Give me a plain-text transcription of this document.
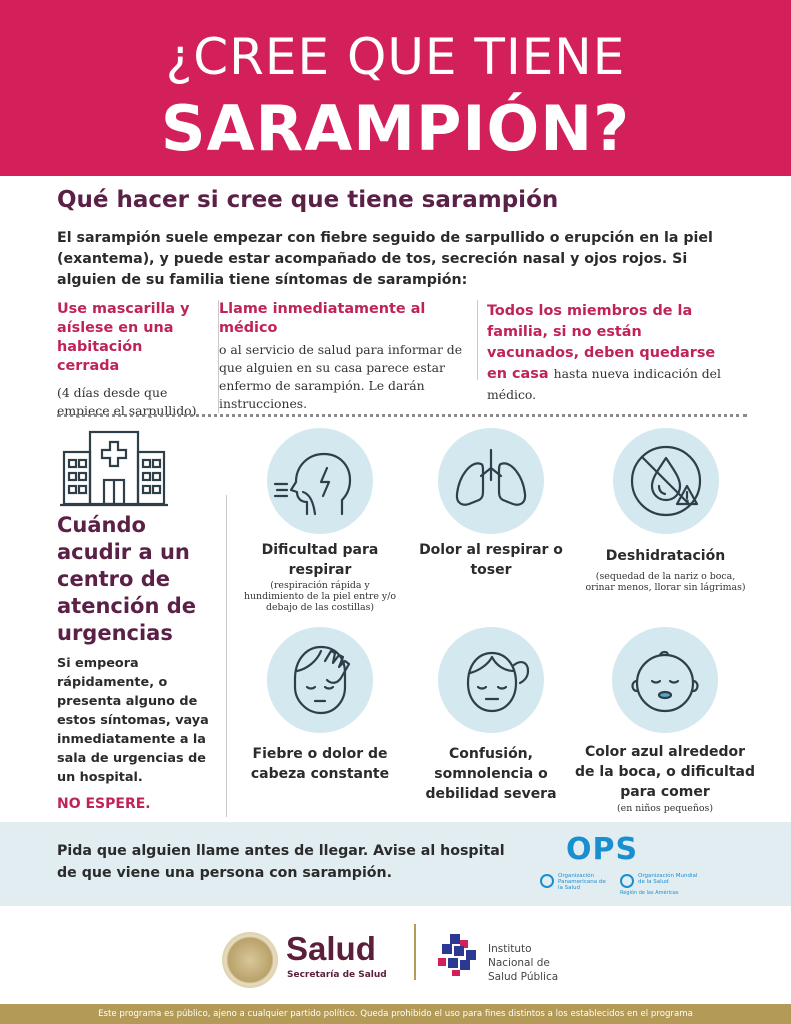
¿CREE QUE TIENE
SARAMPIÓN?
Qué hacer si cree que tiene sarampión
El sarampión suele empezar con fiebre seguido de sarpullido o erupción en la piel (exantema), y puede estar acompañado de tos, secreción nasal y ojos rojos. Si alguien de su familia tiene síntomas de sarampión:
Use mascarilla y aíslese en una habitación cerrada
(4 días desde que empiece el sarpullido)
Llame inmediatamente al médico
o al servicio de salud para informar de que alguien en su casa parece estar enfermo de sarampión. Le darán instrucciones.
Todos los miembros de la familia, si no están vacunados, deben quedarse en casa hasta nueva indicación del médico.
Cuándo acudir a un centro de atención de urgencias
Si empeora rápidamente, o presenta alguno de estos síntomas, vaya inmediatamente a la sala de urgencias de un hospital.
NO ESPERE.
Dificultad para respirar
(respiración rápida y hundimiento de la piel entre y/o debajo de las costillas)
Dolor al respirar o toser
Deshidratación
(sequedad de la nariz o boca, orinar menos, llorar sin lágrimas)
Fiebre o dolor de cabeza constante
Confusión, somnolencia o debilidad severa
Color azul alrededor de la boca, o dificultad para comer
(en niños pequeños)
Pida que alguien llame antes de llegar. Avise al hospital de que viene una persona con sarampión.
OPS
Organización Panamericana de la Salud
Organización Mundial de la Salud
Región de las Américas
Salud
Secretaría de Salud
Instituto Nacional de Salud Pública
Este programa es público, ajeno a cualquier partido político. Queda prohibido el uso para fines distintos a los establecidos en el programa
